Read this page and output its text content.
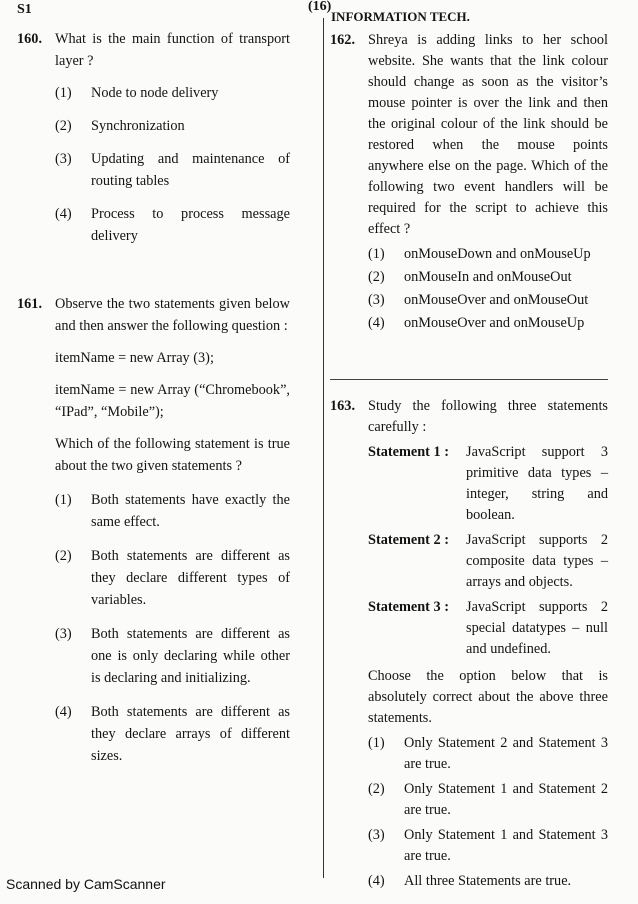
S1	(16)
INFORMATION TECH.
160. What is the main function of transport layer ?
(1) Node to node delivery
(2) Synchronization
(3) Updating and maintenance of routing tables
(4) Process to process message delivery
161. Observe the two statements given below and then answer the following question :
itemName = new Array (3);
itemName = new Array (“Chromebook”, “IPad”, “Mobile”);
Which of the following statement is true about the two given statements ?
(1) Both statements have exactly the same effect.
(2) Both statements are different as they declare different types of variables.
(3) Both statements are different as one is only declaring while other is declaring and initializing.
(4) Both statements are different as they declare arrays of different sizes.
162. Shreya is adding links to her school website. She wants that the link colour should change as soon as the visitor’s mouse pointer is over the link and then the original colour of the link should be restored when the mouse points anywhere else on the page. Which of the following two event handlers will be required for the script to achieve this effect ?
(1) onMouseDown and onMouseUp
(2) onMouseIn and onMouseOut
(3) onMouseOver and onMouseOut
(4) onMouseOver and onMouseUp
163. Study the following three statements carefully :
Statement 1 : JavaScript support 3 primitive data types – integer, string and boolean.
Statement 2 : JavaScript supports 2 composite data types – arrays and objects.
Statement 3 : JavaScript supports 2 special datatypes – null and undefined.
Choose the option below that is absolutely correct about the above three statements.
(1) Only Statement 2 and Statement 3 are true.
(2) Only Statement 1 and Statement 2 are true.
(3) Only Statement 1 and Statement 3 are true.
(4) All three Statements are true.
Scanned by CamScanner
